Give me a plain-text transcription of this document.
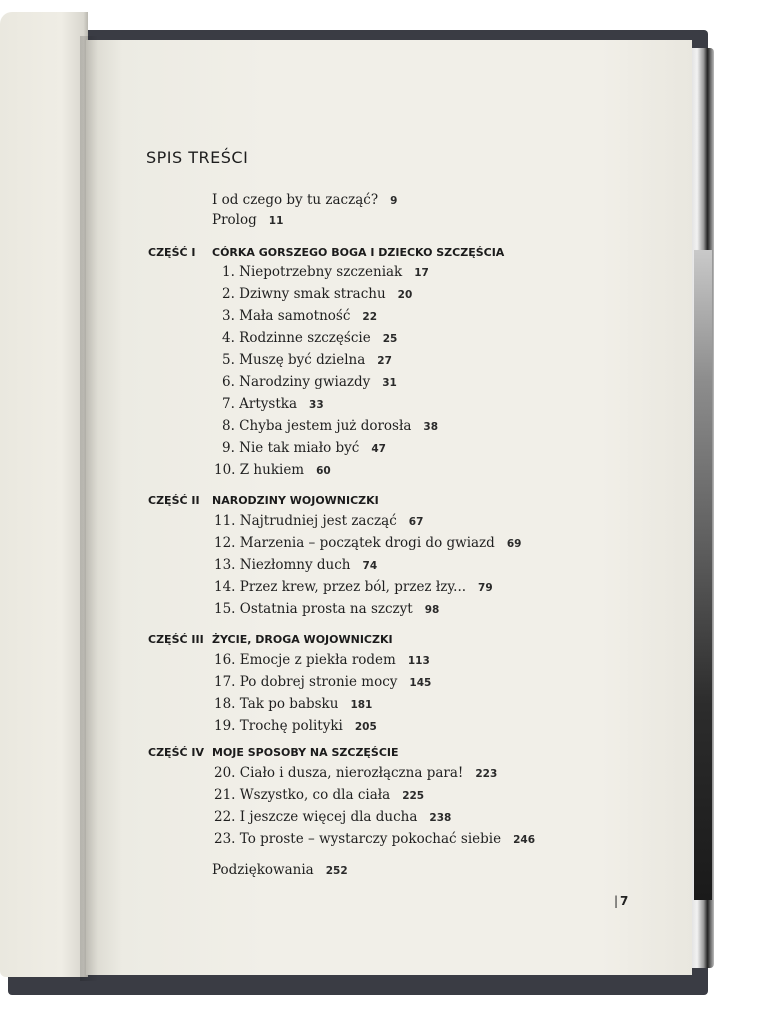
SPIS TREŚCI
I od czego by tu zacząć? 9
Prolog 11
CZĘŚĆ I CÓRKA GORSZEGO BOGA I DZIECKO SZCZĘŚCIA
1. Niepotrzebny szczeniak 17
2. Dziwny smak strachu 20
3. Mała samotność 22
4. Rodzinne szczęście 25
5. Muszę być dzielna 27
6. Narodziny gwiazdy 31
7. Artystka 33
8. Chyba jestem już dorosła 38
9. Nie tak miało być 47
10. Z hukiem 60
CZĘŚĆ II NARODZINY WOJOWNICZKI
11. Najtrudniej jest zacząć 67
12. Marzenia – początek drogi do gwiazd 69
13. Niezłomny duch 74
14. Przez krew, przez ból, przez łzy... 79
15. Ostatnia prosta na szczyt 98
CZĘŚĆ III ŻYCIE, DROGA WOJOWNICZKI
16. Emocje z piekła rodem 113
17. Po dobrej stronie mocy 145
18. Tak po babsku 181
19. Trochę polityki 205
CZĘŚĆ IV MOJE SPOSOBY NA SZCZĘŚCIE
20. Ciało i dusza, nierozłączna para! 223
21. Wszystko, co dla ciała 225
22. I jeszcze więcej dla ducha 238
23. To proste – wystarczy pokochać siebie 246
Podziękowania 252
| 7
